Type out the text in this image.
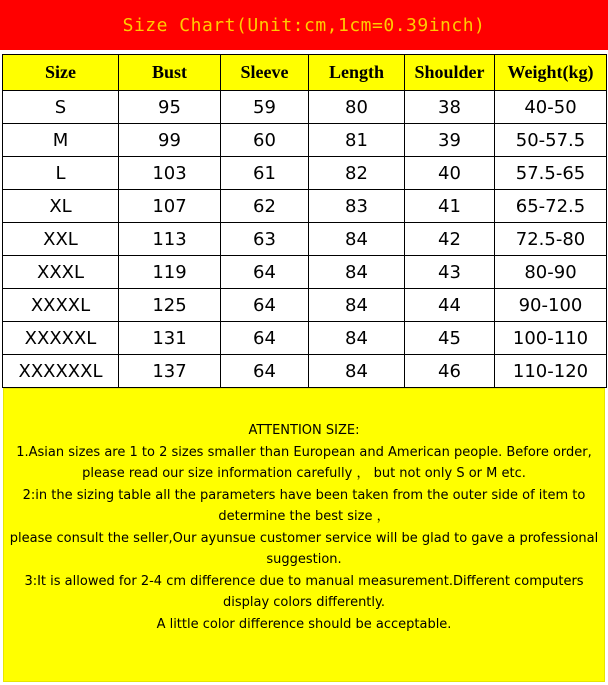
Size Chart(Unit:cm,1cm=0.39inch)
Size	Bust	Sleeve	Length	Shoulder	Weight(kg)
S	95	59	80	38	40-50
M	99	60	81	39	50-57.5
L	103	61	82	40	57.5-65
XL	107	62	83	41	65-72.5
XXL	113	63	84	42	72.5-80
XXXL	119	64	84	43	80-90
XXXXL	125	64	84	44	90-100
XXXXXL	131	64	84	45	100-110
XXXXXXL	137	64	84	46	110-120
ATTENTION SIZE:
1.Asian sizes are 1 to 2 sizes smaller than European and American people. Before order,
please read our size information carefully ， but not only S or M etc.
2:in the sizing table all the parameters have been taken from the outer side of item to
determine the best size ，
please consult the seller,Our ayunsue customer service will be glad to gave a professional
suggestion.
3:It is allowed for 2-4 cm difference due to manual measurement.Different computers
display colors differently.
A little color difference should be acceptable.
